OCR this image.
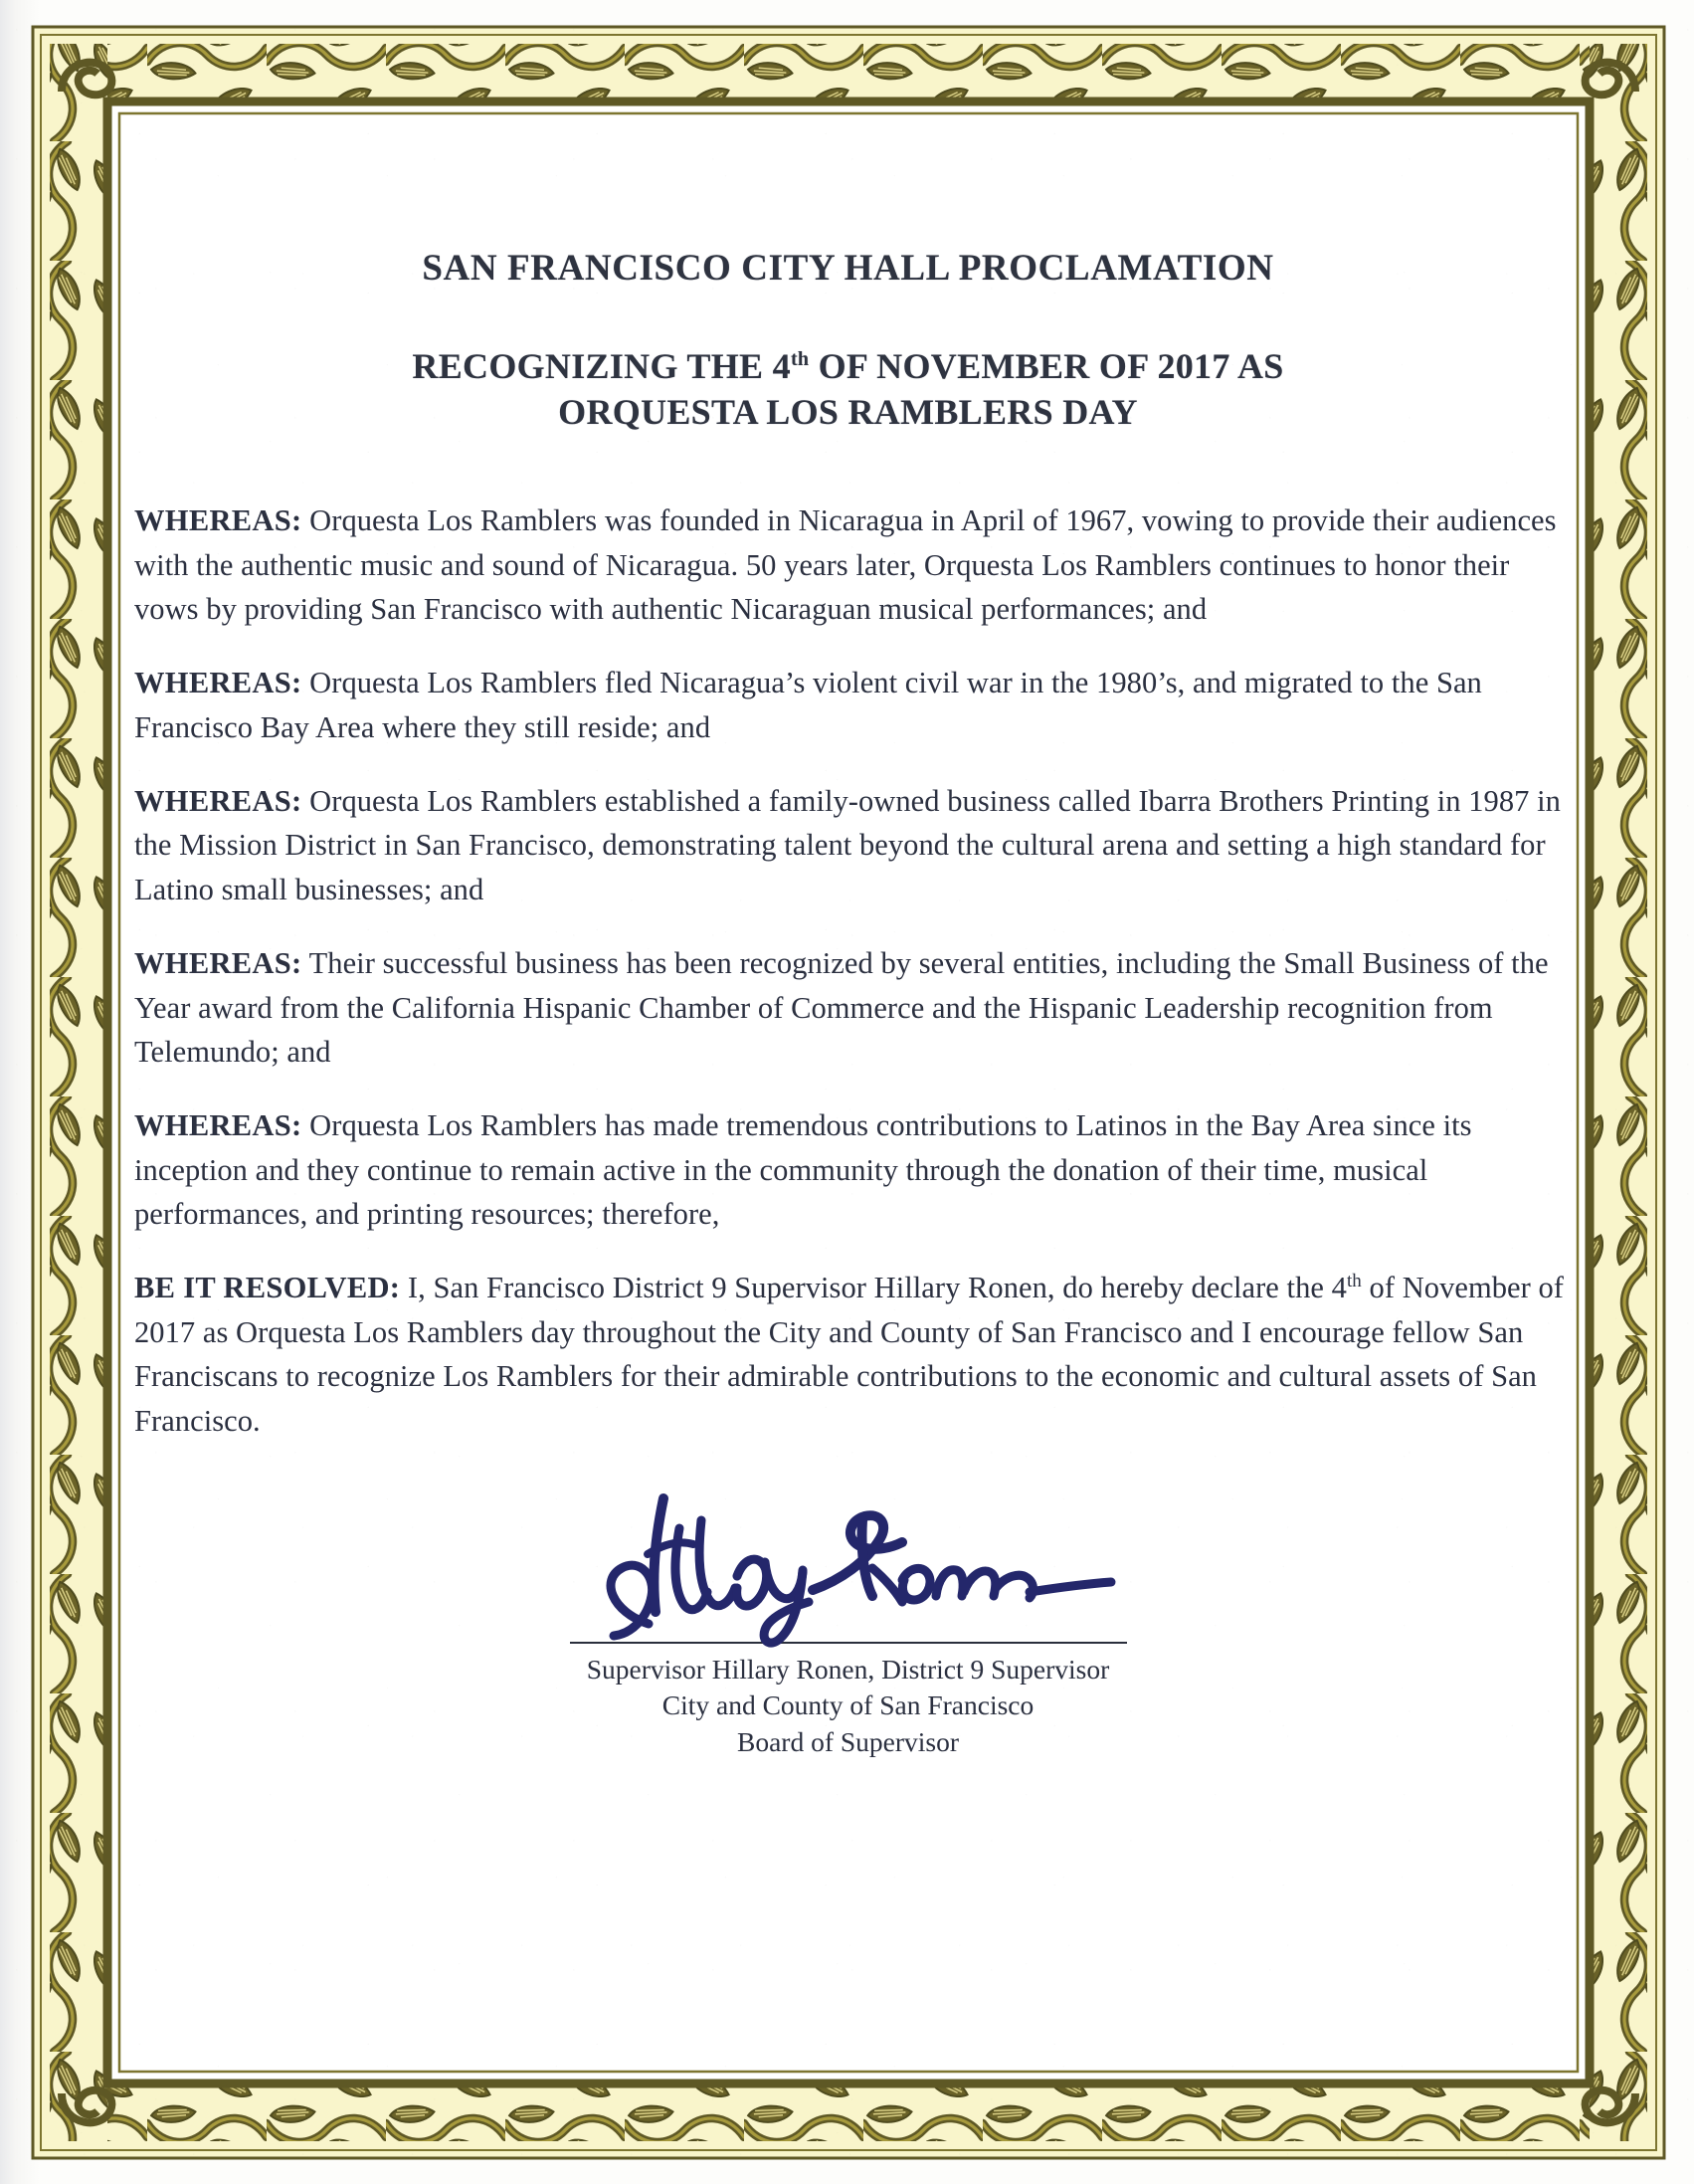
SAN FRANCISCO CITY HALL PROCLAMATION
RECOGNIZING THE 4th OF NOVEMBER OF 2017 AS
ORQUESTA LOS RAMBLERS DAY

WHEREAS: Orquesta Los Ramblers was founded in Nicaragua in April of 1967, vowing to provide their audiences with the authentic music and sound of Nicaragua. 50 years later, Orquesta Los Ramblers continues to honor their vows by providing San Francisco with authentic Nicaraguan musical performances; and

WHEREAS: Orquesta Los Ramblers fled Nicaragua’s violent civil war in the 1980’s, and migrated to the San Francisco Bay Area where they still reside; and

WHEREAS: Orquesta Los Ramblers established a family-owned business called Ibarra Brothers Printing in 1987 in the Mission District in San Francisco, demonstrating talent beyond the cultural arena and setting a high standard for Latino small businesses; and

WHEREAS: Their successful business has been recognized by several entities, including the Small Business of the Year award from the California Hispanic Chamber of Commerce and the Hispanic Leadership recognition from Telemundo; and

WHEREAS: Orquesta Los Ramblers has made tremendous contributions to Latinos in the Bay Area since its inception and they continue to remain active in the community through the donation of their time, musical performances, and printing resources; therefore,

BE IT RESOLVED: I, San Francisco District 9 Supervisor Hillary Ronen, do hereby declare the 4th of November of 2017 as Orquesta Los Ramblers day throughout the City and County of San Francisco and I encourage fellow San Franciscans to recognize Los Ramblers for their admirable contributions to the economic and cultural assets of San Francisco.

Supervisor Hillary Ronen, District 9 Supervisor
City and County of San Francisco
Board of Supervisor
